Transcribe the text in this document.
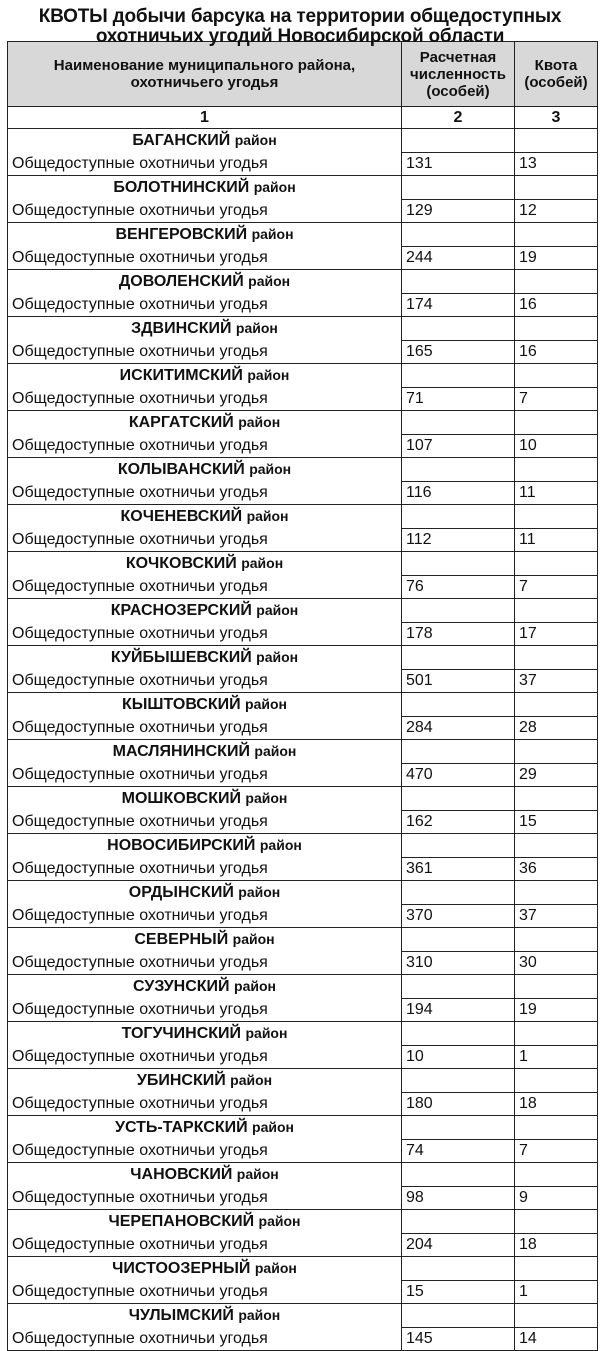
КВОТЫ добычи барсука на территории общедоступных
охотничьих угодий Новосибирской области
Наименование муниципального района, охотничьего угодья	Расчетная численность (особей)	Квота (особей)
1	2	3
БАГАНСКИЙ район		
Общедоступные охотничьи угодья	131	13
БОЛОТНИНСКИЙ район		
Общедоступные охотничьи угодья	129	12
ВЕНГЕРОВСКИЙ район		
Общедоступные охотничьи угодья	244	19
ДОВОЛЕНСКИЙ район		
Общедоступные охотничьи угодья	174	16
ЗДВИНСКИЙ район		
Общедоступные охотничьи угодья	165	16
ИСКИТИМСКИЙ район		
Общедоступные охотничьи угодья	71	7
КАРГАТСКИЙ район		
Общедоступные охотничьи угодья	107	10
КОЛЫВАНСКИЙ район		
Общедоступные охотничьи угодья	116	11
КОЧЕНЕВСКИЙ район		
Общедоступные охотничьи угодья	112	11
КОЧКОВСКИЙ район		
Общедоступные охотничьи угодья	76	7
КРАСНОЗЕРСКИЙ район		
Общедоступные охотничьи угодья	178	17
КУЙБЫШЕВСКИЙ район		
Общедоступные охотничьи угодья	501	37
КЫШТОВСКИЙ район		
Общедоступные охотничьи угодья	284	28
МАСЛЯНИНСКИЙ район		
Общедоступные охотничьи угодья	470	29
МОШКОВСКИЙ район		
Общедоступные охотничьи угодья	162	15
НОВОСИБИРСКИЙ район		
Общедоступные охотничьи угодья	361	36
ОРДЫНСКИЙ район		
Общедоступные охотничьи угодья	370	37
СЕВЕРНЫЙ район		
Общедоступные охотничьи угодья	310	30
СУЗУНСКИЙ район		
Общедоступные охотничьи угодья	194	19
ТОГУЧИНСКИЙ район		
Общедоступные охотничьи угодья	10	1
УБИНСКИЙ район		
Общедоступные охотничьи угодья	180	18
УСТЬ-ТАРКСКИЙ район		
Общедоступные охотничьи угодья	74	7
ЧАНОВСКИЙ район		
Общедоступные охотничьи угодья	98	9
ЧЕРЕПАНОВСКИЙ район		
Общедоступные охотничьи угодья	204	18
ЧИСТООЗЕРНЫЙ район		
Общедоступные охотничьи угодья	15	1
ЧУЛЫМСКИЙ район		
Общедоступные охотничьи угодья	145	14
